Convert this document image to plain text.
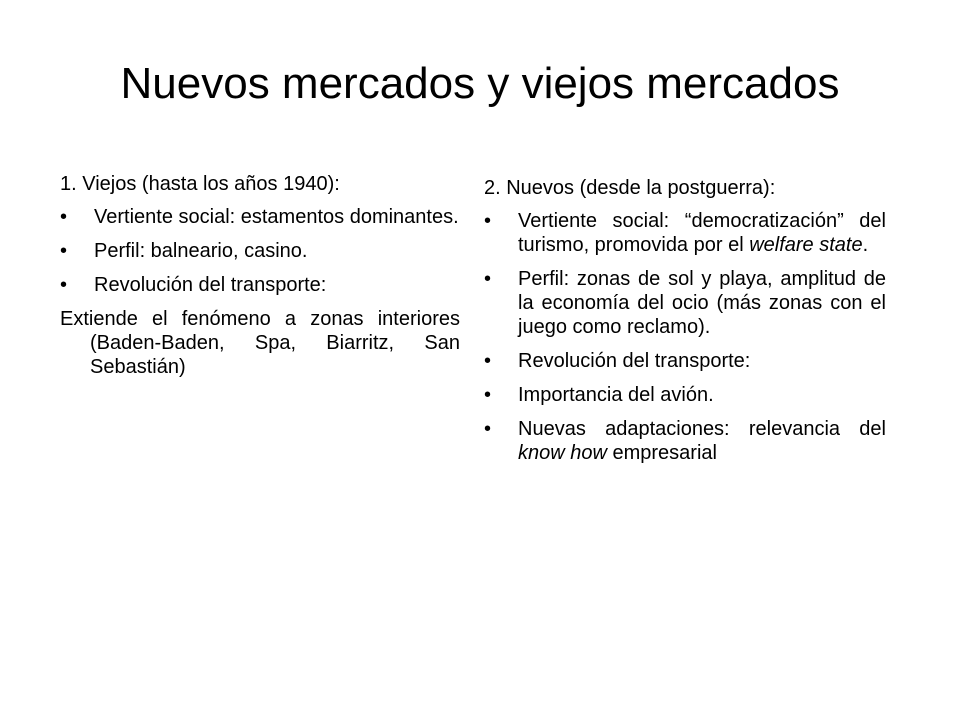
Nuevos mercados y viejos mercados
1. Viejos (hasta los años 1940):
• Vertiente social: estamentos dominantes.
• Perfil: balneario, casino.
• Revolución del transporte:

Extiende el fenómeno a zonas interiores (Baden-Baden, Spa, Biarritz, San Sebastián)

2. Nuevos (desde la postguerra):
• Vertiente social: “democratización” del turismo, promovida por el welfare state.
• Perfil: zonas de sol y playa, amplitud de la economía del ocio (más zonas con el juego como reclamo).
• Revolución del transporte:
• Importancia del avión.
• Nuevas adaptaciones: relevancia del know how empresarial
